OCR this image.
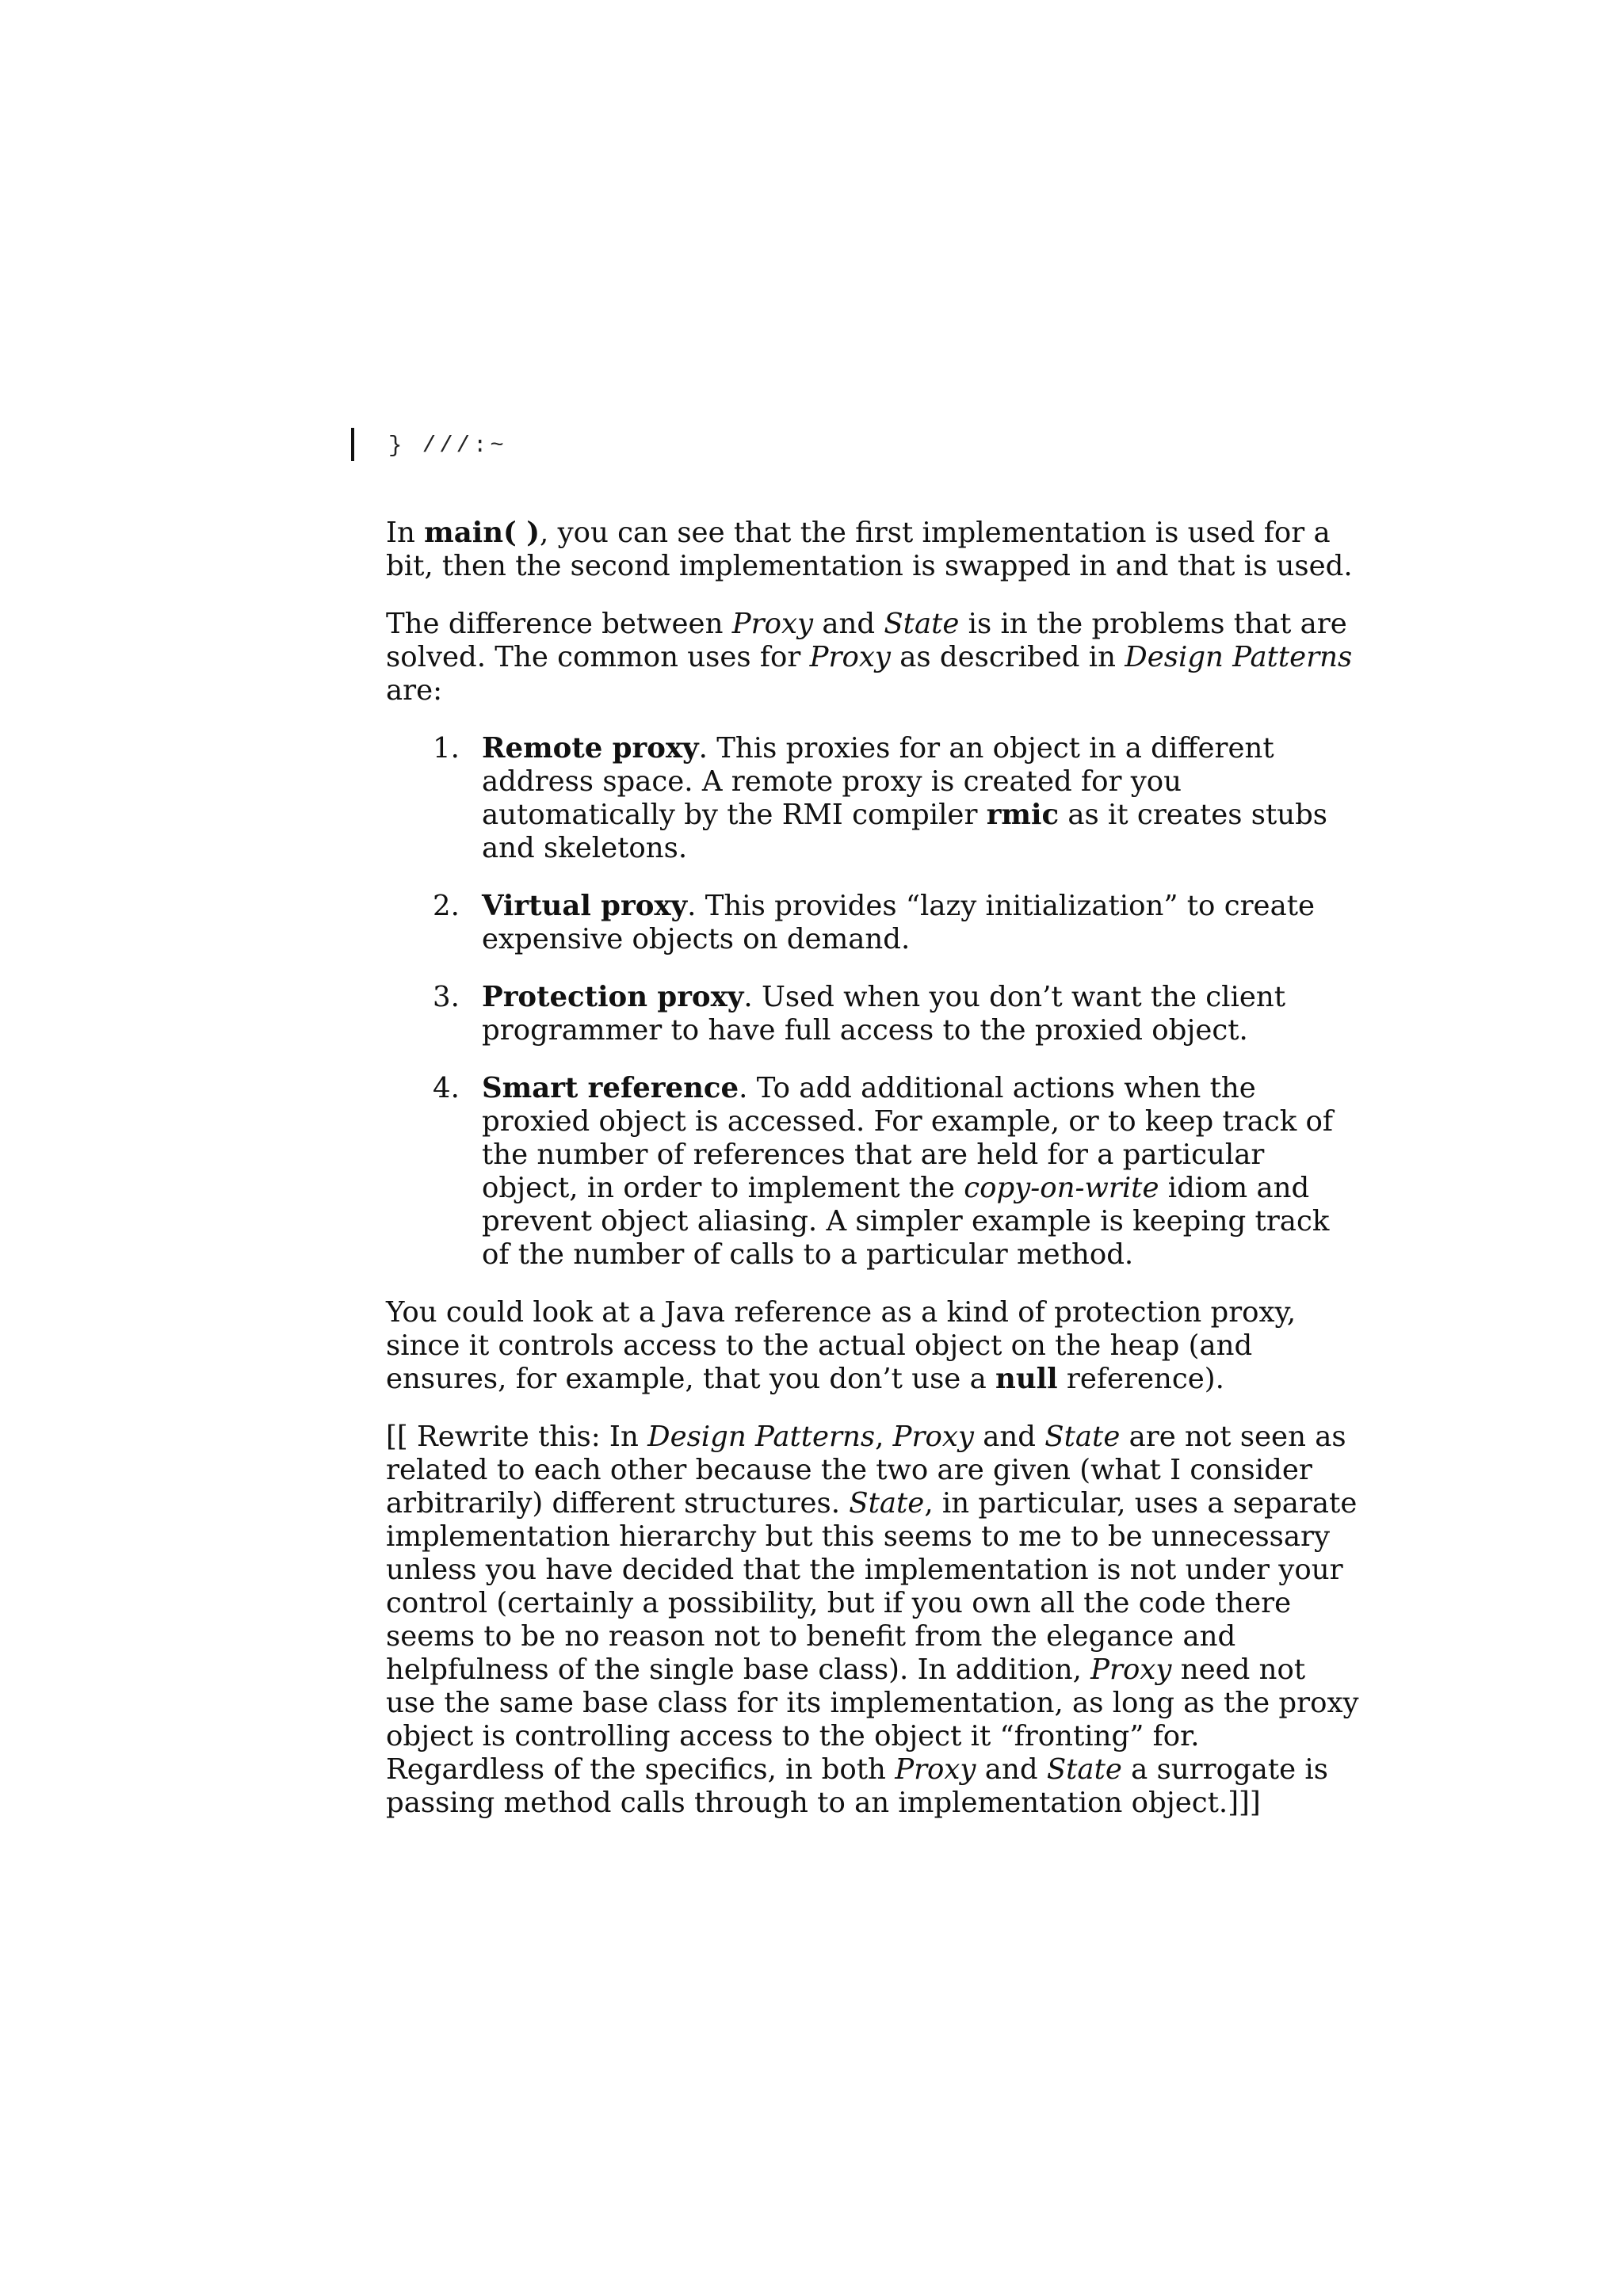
} ///:~

In main( ), you can see that the first implementation is used for a bit, then the second implementation is swapped in and that is used.

The difference between Proxy and State is in the problems that are solved. The common uses for Proxy as described in Design Patterns are:

1. Remote proxy. This proxies for an object in a different address space. A remote proxy is created for you automatically by the RMI compiler rmic as it creates stubs and skeletons.
2. Virtual proxy. This provides “lazy initialization” to create expensive objects on demand.
3. Protection proxy. Used when you don’t want the client programmer to have full access to the proxied object.
4. Smart reference. To add additional actions when the proxied object is accessed. For example, or to keep track of the number of references that are held for a particular object, in order to implement the copy-on-write idiom and prevent object aliasing. A simpler example is keeping track of the number of calls to a particular method.

You could look at a Java reference as a kind of protection proxy, since it controls access to the actual object on the heap (and ensures, for example, that you don’t use a null reference).

[[ Rewrite this: In Design Patterns, Proxy and State are not seen as related to each other because the two are given (what I consider arbitrarily) different structures. State, in particular, uses a separate implementation hierarchy but this seems to me to be unnecessary unless you have decided that the implementation is not under your control (certainly a possibility, but if you own all the code there seems to be no reason not to benefit from the elegance and helpfulness of the single base class). In addition, Proxy need not use the same base class for its implementation, as long as the proxy object is controlling access to the object it “fronting” for. Regardless of the specifics, in both Proxy and State a surrogate is passing method calls through to an implementation object.]]]
